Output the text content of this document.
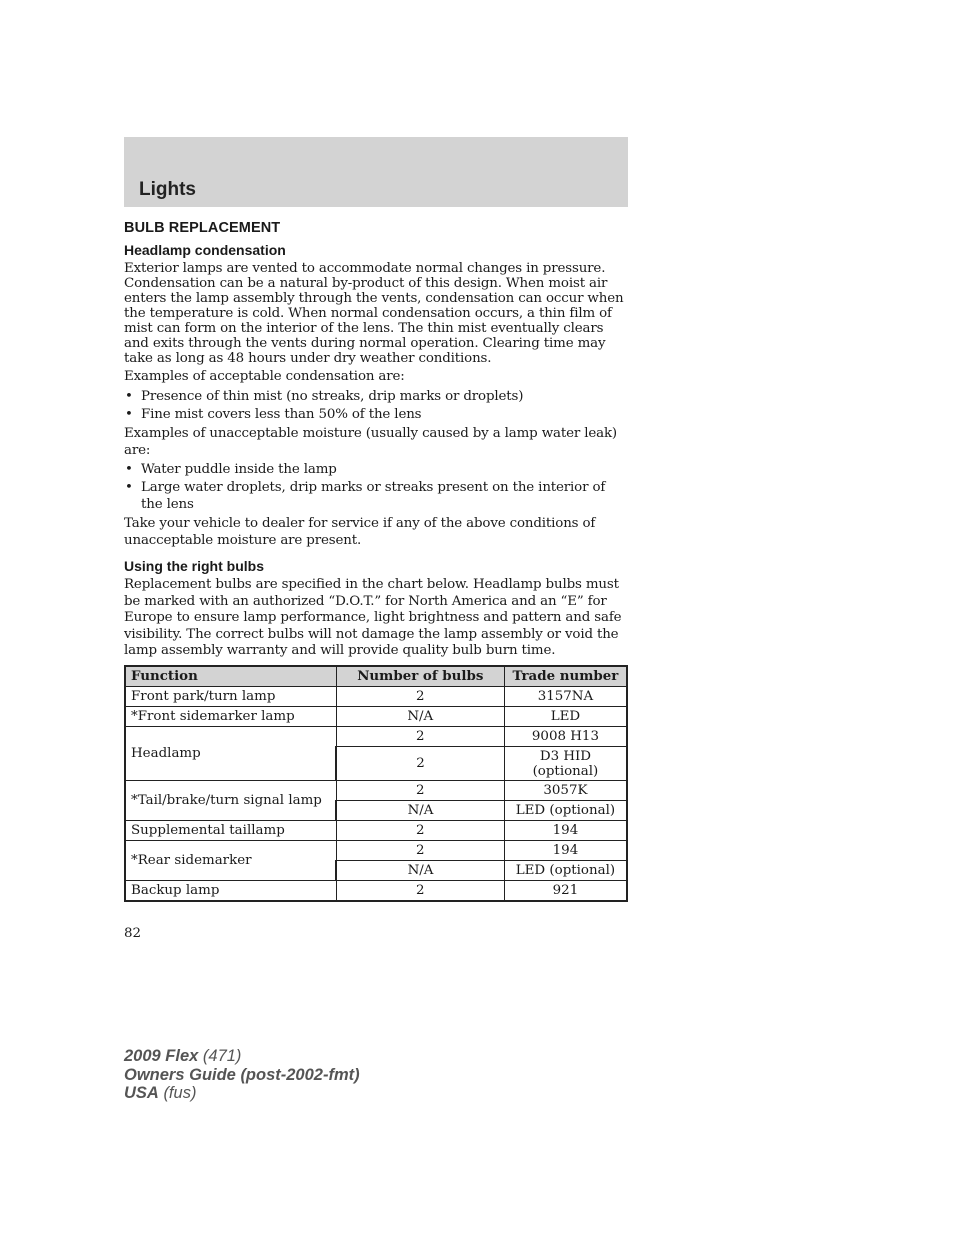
Lights
BULB REPLACEMENT
Headlamp condensation

Exterior lamps are vented to accommodate normal changes in pressure. Condensation can be a natural by-product of this design. When moist air enters the lamp assembly through the vents, condensation can occur when the temperature is cold. When normal condensation occurs, a thin film of mist can form on the interior of the lens. The thin mist eventually clears and exits through the vents during normal operation. Clearing time may take as long as 48 hours under dry weather conditions.

Examples of acceptable condensation are:

• Presence of thin mist (no streaks, drip marks or droplets)
• Fine mist covers less than 50% of the lens

Examples of unacceptable moisture (usually caused by a lamp water leak) are:

• Water puddle inside the lamp
• Large water droplets, drip marks or streaks present on the interior of the lens

Take your vehicle to dealer for service if any of the above conditions of unacceptable moisture are present.

Using the right bulbs

Replacement bulbs are specified in the chart below. Headlamp bulbs must be marked with an authorized “D.O.T.” for North America and an “E” for Europe to ensure lamp performance, light brightness and pattern and safe visibility. The correct bulbs will not damage the lamp assembly or void the lamp assembly warranty and will provide quality bulb burn time.

Function	Number of bulbs	Trade number
Front park/turn lamp	2	3157NA
*Front sidemarker lamp	N/A	LED
Headlamp	2	9008 H13
	2	D3 HID (optional)
*Tail/brake/turn signal lamp	2	3057K
	N/A	LED (optional)
Supplemental taillamp	2	194
*Rear sidemarker	2	194
	N/A	LED (optional)
Backup lamp	2	921
82
2009 Flex (471)
Owners Guide (post-2002-fmt)
USA (fus)
